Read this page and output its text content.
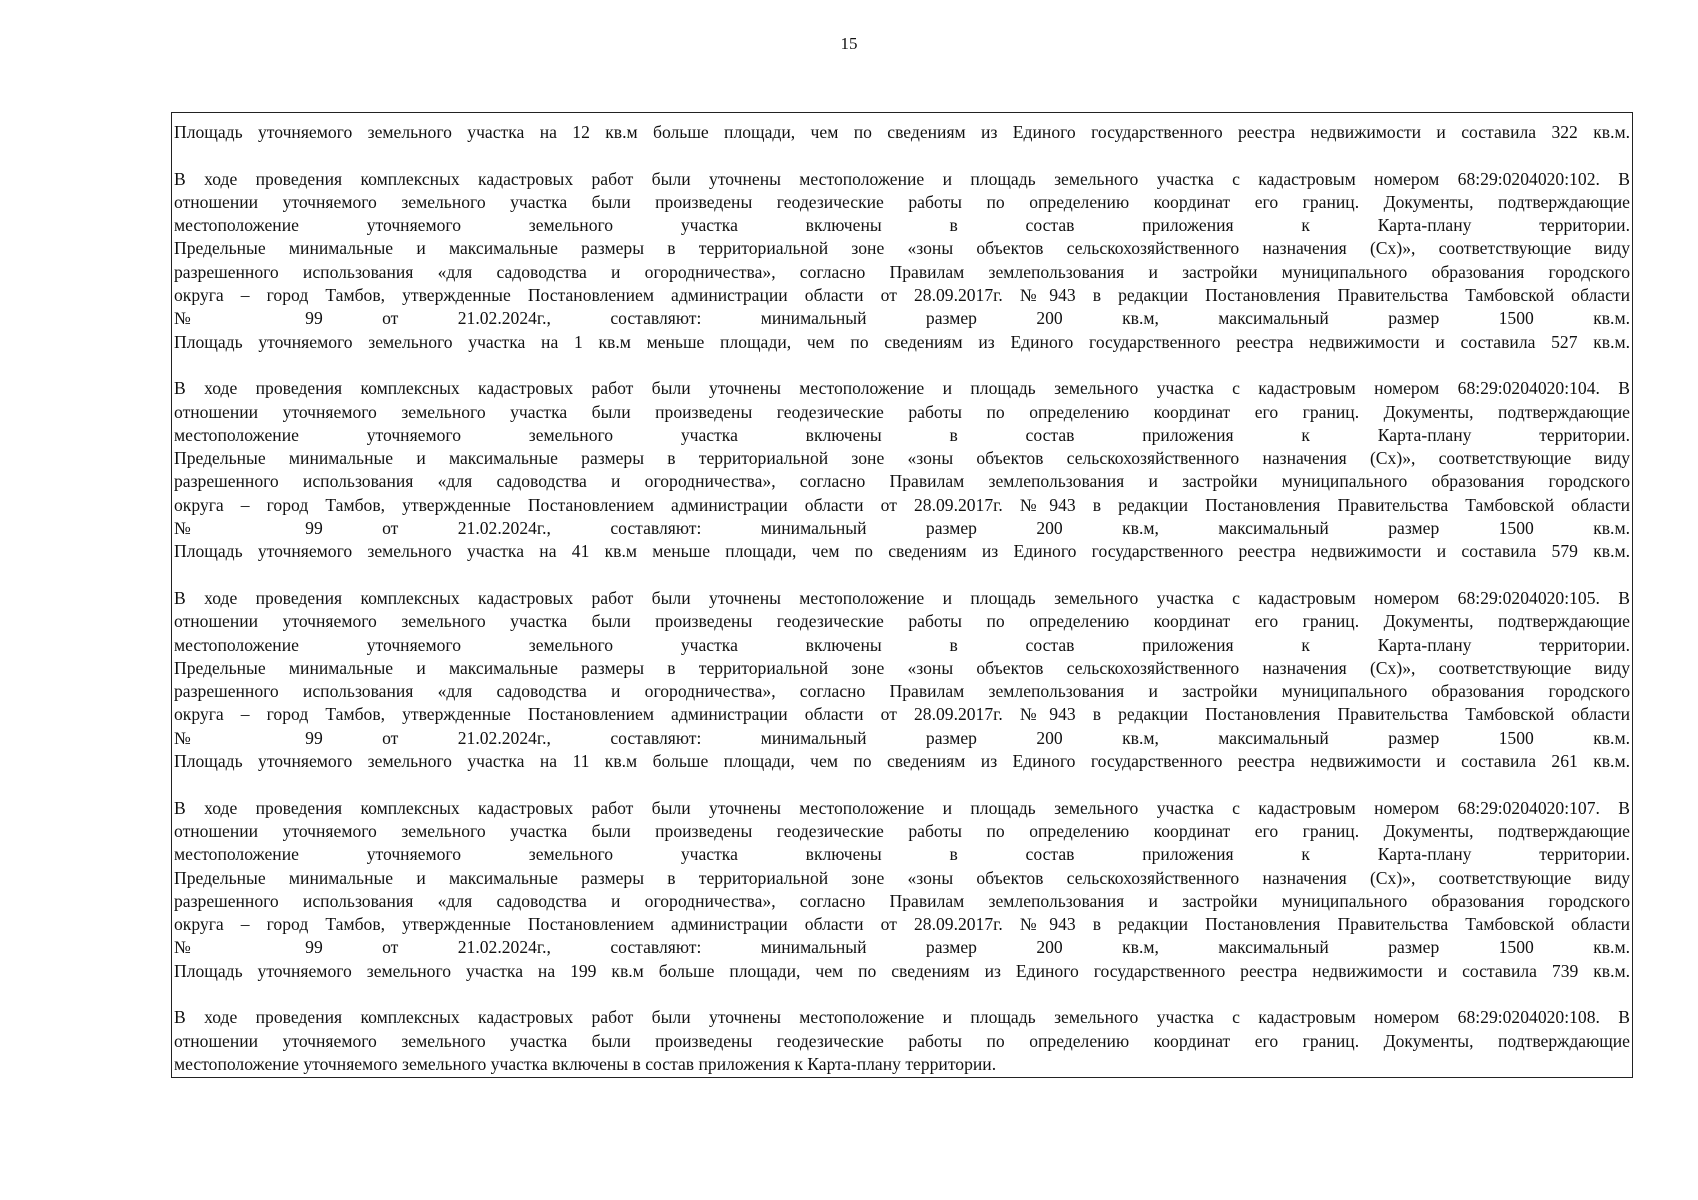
15
Площадь уточняемого земельного участка на 12 кв.м больше площади, чем по сведениям из Единого государственного реестра недвижимости и составила 322 кв.м.
В ходе проведения комплексных кадастровых работ были уточнены местоположение и площадь земельного участка с кадастровым номером 68:29:0204020:102. В
отношении уточняемого земельного участка были произведены геодезические работы по определению координат его границ. Документы, подтверждающие
местоположение уточняемого земельного участка включены в состав приложения к Карта-плану территории.
Предельные минимальные и максимальные размеры в территориальной зоне «зоны объектов сельскохозяйственного назначения (Сх)», соответствующие виду
разрешенного использования «для садоводства и огородничества», согласно Правилам землепользования и застройки муниципального образования городского
округа – город Тамбов, утвержденные Постановлением администрации области от 28.09.2017г. №943 в редакции Постановления Правительства Тамбовской области
№ 99 от 21.02.2024г., составляют: минимальный размер 200 кв.м, максимальный размер 1500 кв.м.
Площадь уточняемого земельного участка на 1 кв.м меньше площади, чем по сведениям из Единого государственного реестра недвижимости и составила 527 кв.м.
В ходе проведения комплексных кадастровых работ были уточнены местоположение и площадь земельного участка с кадастровым номером 68:29:0204020:104. В
отношении уточняемого земельного участка были произведены геодезические работы по определению координат его границ. Документы, подтверждающие
местоположение уточняемого земельного участка включены в состав приложения к Карта-плану территории.
Предельные минимальные и максимальные размеры в территориальной зоне «зоны объектов сельскохозяйственного назначения (Сх)», соответствующие виду
разрешенного использования «для садоводства и огородничества», согласно Правилам землепользования и застройки муниципального образования городского
округа – город Тамбов, утвержденные Постановлением администрации области от 28.09.2017г. №943 в редакции Постановления Правительства Тамбовской области
№ 99 от 21.02.2024г., составляют: минимальный размер 200 кв.м, максимальный размер 1500 кв.м.
Площадь уточняемого земельного участка на 41 кв.м меньше площади, чем по сведениям из Единого государственного реестра недвижимости и составила 579 кв.м.
В ходе проведения комплексных кадастровых работ были уточнены местоположение и площадь земельного участка с кадастровым номером 68:29:0204020:105. В
отношении уточняемого земельного участка были произведены геодезические работы по определению координат его границ. Документы, подтверждающие
местоположение уточняемого земельного участка включены в состав приложения к Карта-плану территории.
Предельные минимальные и максимальные размеры в территориальной зоне «зоны объектов сельскохозяйственного назначения (Сх)», соответствующие виду
разрешенного использования «для садоводства и огородничества», согласно Правилам землепользования и застройки муниципального образования городского
округа – город Тамбов, утвержденные Постановлением администрации области от 28.09.2017г. №943 в редакции Постановления Правительства Тамбовской области
№ 99 от 21.02.2024г., составляют: минимальный размер 200 кв.м, максимальный размер 1500 кв.м.
Площадь уточняемого земельного участка на 11 кв.м больше площади, чем по сведениям из Единого государственного реестра недвижимости и составила 261 кв.м.
В ходе проведения комплексных кадастровых работ были уточнены местоположение и площадь земельного участка с кадастровым номером 68:29:0204020:107. В
отношении уточняемого земельного участка были произведены геодезические работы по определению координат его границ. Документы, подтверждающие
местоположение уточняемого земельного участка включены в состав приложения к Карта-плану территории.
Предельные минимальные и максимальные размеры в территориальной зоне «зоны объектов сельскохозяйственного назначения (Сх)», соответствующие виду
разрешенного использования «для садоводства и огородничества», согласно Правилам землепользования и застройки муниципального образования городского
округа – город Тамбов, утвержденные Постановлением администрации области от 28.09.2017г. №943 в редакции Постановления Правительства Тамбовской области
№ 99 от 21.02.2024г., составляют: минимальный размер 200 кв.м, максимальный размер 1500 кв.м.
Площадь уточняемого земельного участка на 199 кв.м больше площади, чем по сведениям из Единого государственного реестра недвижимости и составила 739 кв.м.
В ходе проведения комплексных кадастровых работ были уточнены местоположение и площадь земельного участка с кадастровым номером 68:29:0204020:108. В
отношении уточняемого земельного участка были произведены геодезические работы по определению координат его границ. Документы, подтверждающие
местоположение уточняемого земельного участка включены в состав приложения к Карта-плану территории.
